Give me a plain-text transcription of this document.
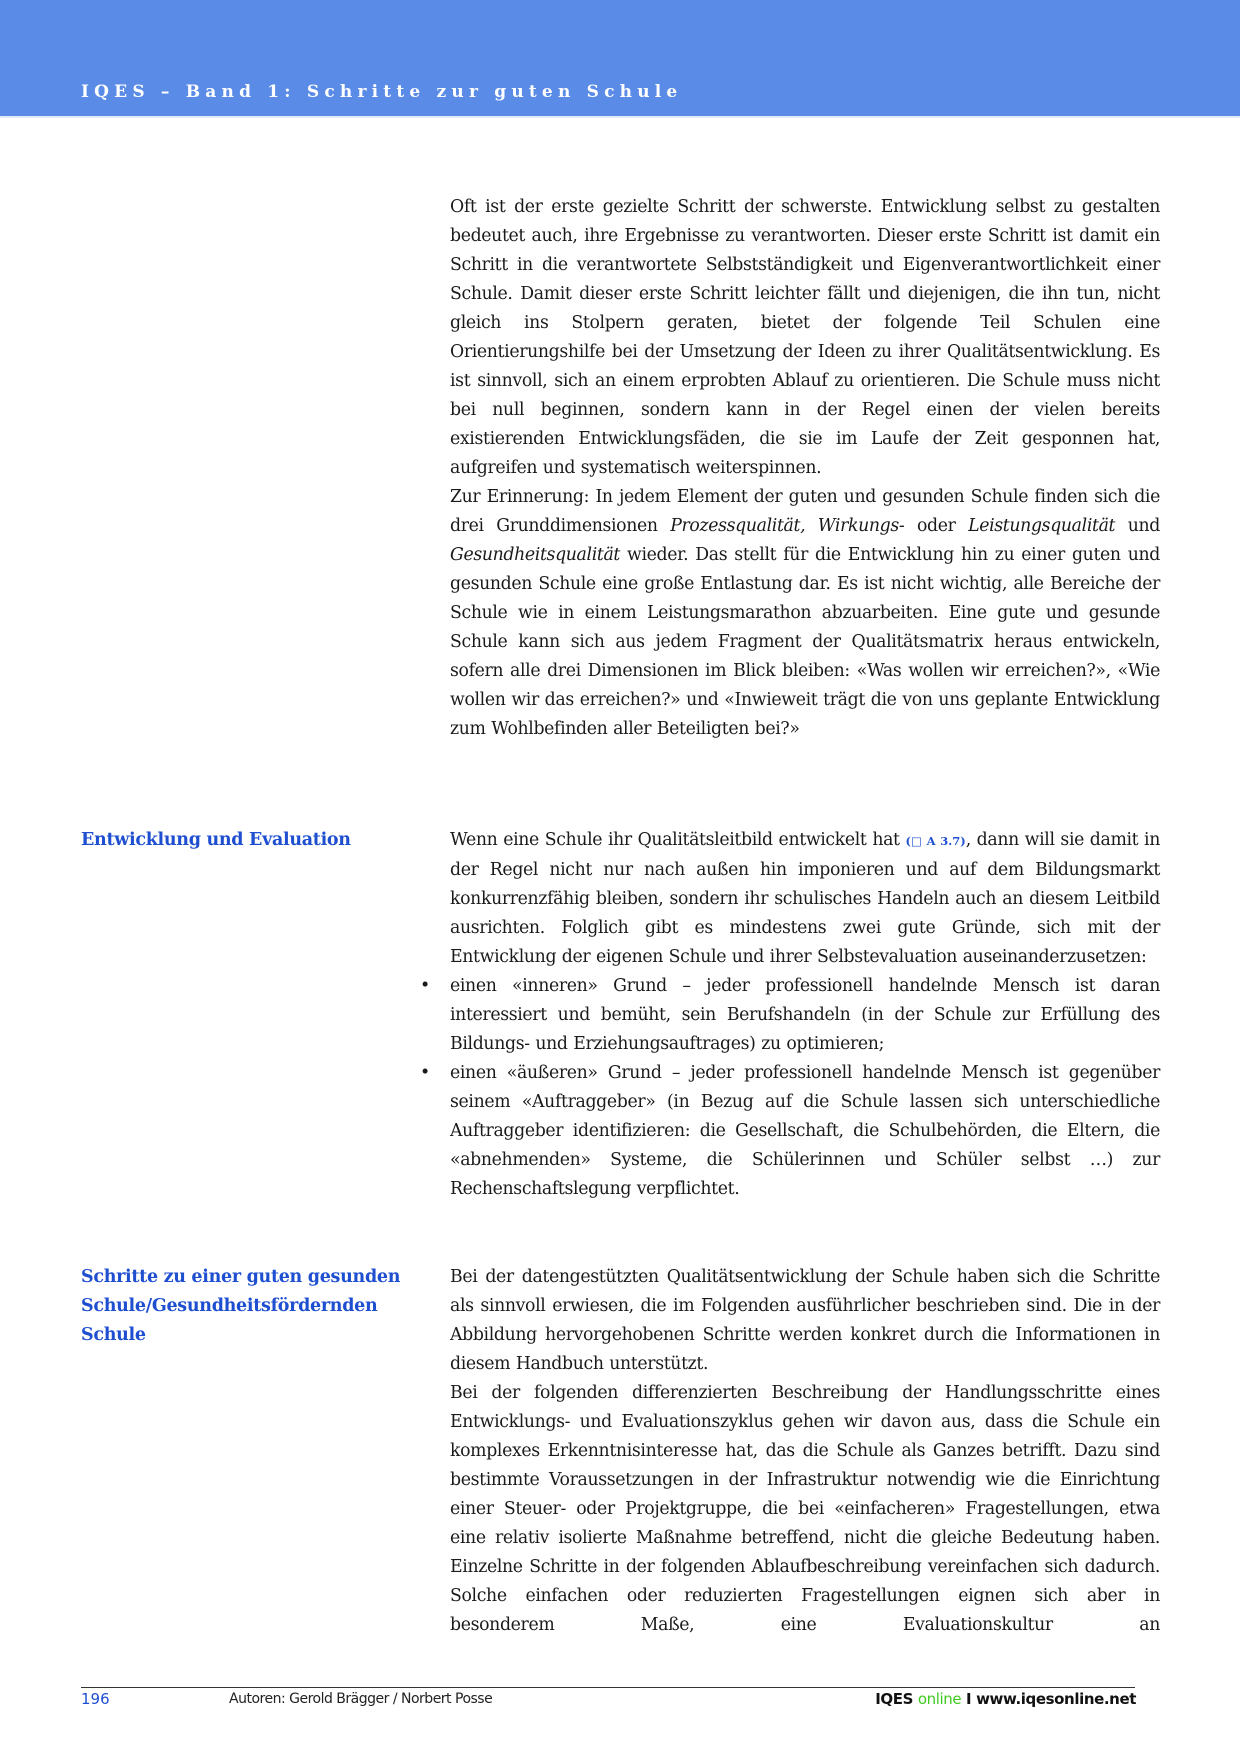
IQES – Band 1: Schritte zur guten Schule

Oft ist der erste gezielte Schritt der schwerste. Entwicklung selbst zu gestalten bedeutet auch, ihre Ergebnisse zu verantworten. Dieser erste Schritt ist damit ein Schritt in die verantwortete Selbstständigkeit und Eigenverantwortlichkeit einer Schule. Damit dieser erste Schritt leichter fällt und diejenigen, die ihn tun, nicht gleich ins Stolpern geraten, bietet der folgende Teil Schulen eine Orientierungshilfe bei der Umsetzung der Ideen zu ihrer Qualitätsentwicklung. Es ist sinnvoll, sich an einem erprobten Ablauf zu orientieren. Die Schule muss nicht bei null beginnen, sondern kann in der Regel einen der vielen bereits existierenden Entwicklungsfäden, die sie im Laufe der Zeit gesponnen hat, aufgreifen und systematisch weiterspinnen.

Zur Erinnerung: In jedem Element der guten und gesunden Schule finden sich die drei Grunddimensionen Prozessqualität, Wirkungs- oder Leistungsqualität und Gesundheitsqualität wieder. Das stellt für die Entwicklung hin zu einer guten und gesunden Schule eine große Entlastung dar. Es ist nicht wichtig, alle Bereiche der Schule wie in einem Leistungsmarathon abzuarbeiten. Eine gute und gesunde Schule kann sich aus jedem Fragment der Qualitätsmatrix heraus entwickeln, sofern alle drei Dimensionen im Blick bleiben: «Was wollen wir erreichen?», «Wie wollen wir das erreichen?» und «Inwieweit trägt die von uns geplante Entwicklung zum Wohlbefinden aller Beteiligten bei?»

Entwicklung und Evaluation	Wenn eine Schule ihr Qualitätsleitbild entwickelt hat (□ A 3.7), dann will sie damit in der Regel nicht nur nach außen hin imponieren und auf dem Bildungsmarkt konkurrenzfähig bleiben, sondern ihr schulisches Handeln auch an diesem Leitbild ausrichten. Folglich gibt es mindestens zwei gute Gründe, sich mit der Entwicklung der eigenen Schule und ihrer Selbstevaluation auseinanderzusetzen:

• einen «inneren» Grund – jeder professionell handelnde Mensch ist daran interessiert und bemüht, sein Berufshandeln (in der Schule zur Erfüllung des Bildungs- und Erziehungsauftrages) zu optimieren;
• einen «äußeren» Grund – jeder professionell handelnde Mensch ist gegenüber seinem «Auftraggeber» (in Bezug auf die Schule lassen sich unterschiedliche Auftraggeber identifizieren: die Gesellschaft, die Schulbehörden, die Eltern, die «abnehmenden» Systeme, die Schülerinnen und Schüler selbst …) zur Rechenschaftslegung verpflichtet.
Schritte zu einer guten gesunden Schule/Gesundheitsfördernden Schule

Bei der datengestützten Qualitätsentwicklung der Schule haben sich die Schritte als sinnvoll erwiesen, die im Folgenden ausführlicher beschrieben sind. Die in der Abbildung hervorgehobenen Schritte werden konkret durch die Informationen in diesem Handbuch unterstützt.

Bei der folgenden differenzierten Beschreibung der Handlungsschritte eines Entwicklungs- und Evaluationszyklus gehen wir davon aus, dass die Schule ein komplexes Erkenntnisinteresse hat, das die Schule als Ganzes betrifft. Dazu sind bestimmte Voraussetzungen in der Infrastruktur notwendig wie die Einrichtung einer Steuer- oder Projektgruppe, die bei «einfacheren» Fragestellungen, etwa eine relativ isolierte Maßnahme betreffend, nicht die gleiche Bedeutung haben. Einzelne Schritte in der folgenden Ablaufbeschreibung vereinfachen sich dadurch. Solche einfachen oder reduzierten Fragestellungen eignen sich aber in besonderem Maße, eine Evaluationskultur an

196	Autoren: Gerold Brägger / Norbert Posse	IQES online I www.iqesonline.net
